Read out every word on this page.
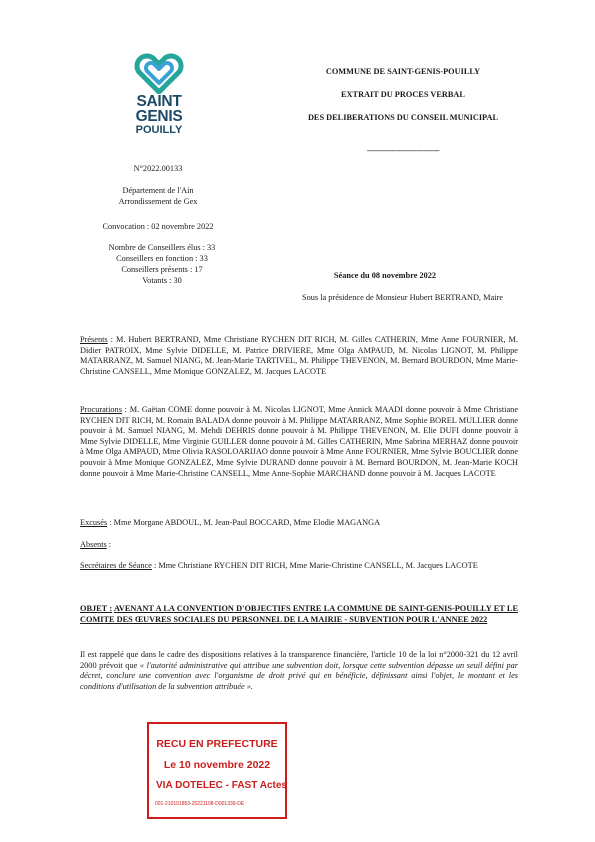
SAINT
GENIS
POUILLY
COMMUNE DE SAINT-GENIS-POUILLY
EXTRAIT DU PROCES VERBAL
DES DELIBERATIONS DU CONSEIL MUNICIPAL
--------------------------------
N°2022.00133
Département de l'Ain
Arrondissement de Gex
Convocation : 02 novembre 2022
Nombre de Conseillers élus : 33
Conseillers en fonction : 33
Conseillers présents : 17
Votants : 30
Séance du 08 novembre 2022
Sous la présidence de Monsieur Hubert BERTRAND, Maire
Présents : M. Hubert BERTRAND, Mme Christiane RYCHEN DIT RICH, M. Gilles CATHERIN, Mme Anne FOURNIER, M. Didier PATROIX, Mme Sylvie DIDELLE, M. Patrice DRIVIERE, Mme Olga AMPAUD, M. Nicolas LIGNOT, M. Philippe MATARRANZ, M. Samuel NIANG, M. Jean-Marie TARTIVEL, M. Philippe THEVENON, M. Bernard BOURDON, Mme Marie-Christine CANSELL, Mme Monique GONZALEZ, M. Jacques LACOTE
Procurations : M. Gaëtan COME donne pouvoir à M. Nicolas LIGNOT, Mme Annick MAADI donne pouvoir à Mme Christiane RYCHEN DIT RICH, M. Romain BALADA donne pouvoir à M. Philippe MATARRANZ, Mme Sophie BOREL MULLIER donne pouvoir à M. Samuel NIANG, M. Mehdi DEHRIS donne pouvoir à M. Philippe THEVENON, M. Elie DUFI donne pouvoir à Mme Sylvie DIDELLE, Mme Virginie GUILLER donne pouvoir à M. Gilles CATHERIN, Mme Sabrina MERHAZ donne pouvoir à Mme Olga AMPAUD, Mme Olivia RASOLOARIJAO donne pouvoir à Mme Anne FOURNIER, Mme Sylvie BOUCLIER donne pouvoir à Mme Monique GONZALEZ, Mme Sylvie DURAND donne pouvoir à M. Bernard BOURDON, M. Jean-Marie KOCH donne pouvoir à Mme Marie-Christine CANSELL, Mme Anne-Sophie MARCHAND donne pouvoir à M. Jacques LACOTE
Excusés : Mme Morgane ABDOUL, M. Jean-Paul BOCCARD, Mme Elodie MAGANGA
Absents :
Secrétaires de Séance : Mme Christiane RYCHEN DIT RICH, Mme Marie-Christine CANSELL, M. Jacques LACOTE
OBJET : AVENANT A LA CONVENTION D'OBJECTIFS ENTRE LA COMMUNE DE SAINT-GENIS-POUILLY ET LE COMITE DES ŒUVRES SOCIALES DU PERSONNEL DE LA MAIRIE - SUBVENTION POUR L'ANNEE 2022
Il est rappelé que dans le cadre des dispositions relatives à la transparence financière, l'article 10 de la loi n°2000-321 du 12 avril 2000 prévoit que « l'autorité administrative qui attribue une subvention doit, lorsque cette subvention dépasse un seuil défini par décret, conclure une convention avec l'organisme de droit privé qui en bénéficie, définissant ainsi l'objet, le montant et les conditions d'utilisation de la subvention attribuée ».
RECU EN PREFECTURE
Le 10 novembre 2022
VIA DOTELEC - FAST Actes
001-210101853-20221108-D001339-DE
